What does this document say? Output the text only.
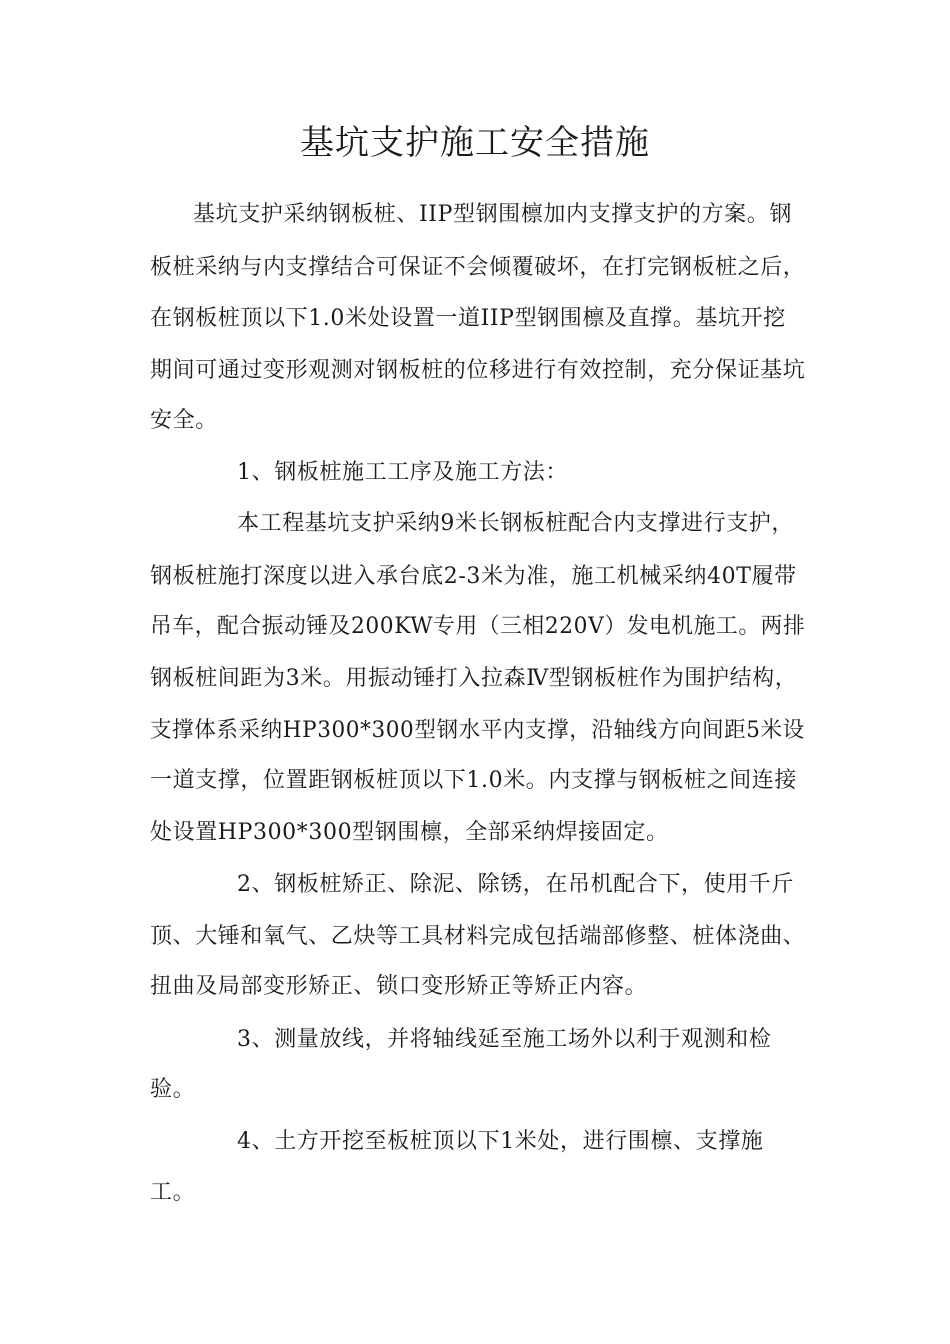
基坑支护施工安全措施
基坑支护采纳钢板桩、IIP型钢围檩加内支撑支护的方案。钢
板桩采纳与内支撑结合可保证不会倾覆破坏，在打完钢板桩之后，
在钢板桩顶以下1.0米处设置一道IIP型钢围檩及直撑。基坑开挖
期间可通过变形观测对钢板桩的位移进行有效控制，充分保证基坑
安全。
1、钢板桩施工工序及施工方法：
本工程基坑支护采纳9米长钢板桩配合内支撑进行支护，
钢板桩施打深度以进入承台底2-3米为准，施工机械采纳40T履带
吊车，配合振动锤及200KW专用（三相220V）发电机施工。两排
钢板桩间距为3米。用振动锤打入拉森Ⅳ型钢板桩作为围护结构，
支撑体系采纳HP300*300型钢水平内支撑，沿轴线方向间距5米设
一道支撑，位置距钢板桩顶以下1.0米。内支撑与钢板桩之间连接
处设置HP300*300型钢围檩，全部采纳焊接固定。
2、钢板桩矫正、除泥、除锈，在吊机配合下，使用千斤
顶、大锤和氧气、乙炔等工具材料完成包括端部修整、桩体浇曲、
扭曲及局部变形矫正、锁口变形矫正等矫正内容。
3、测量放线，并将轴线延至施工场外以利于观测和检
验。
4、土方开挖至板桩顶以下1米处，进行围檩、支撑施
工。
